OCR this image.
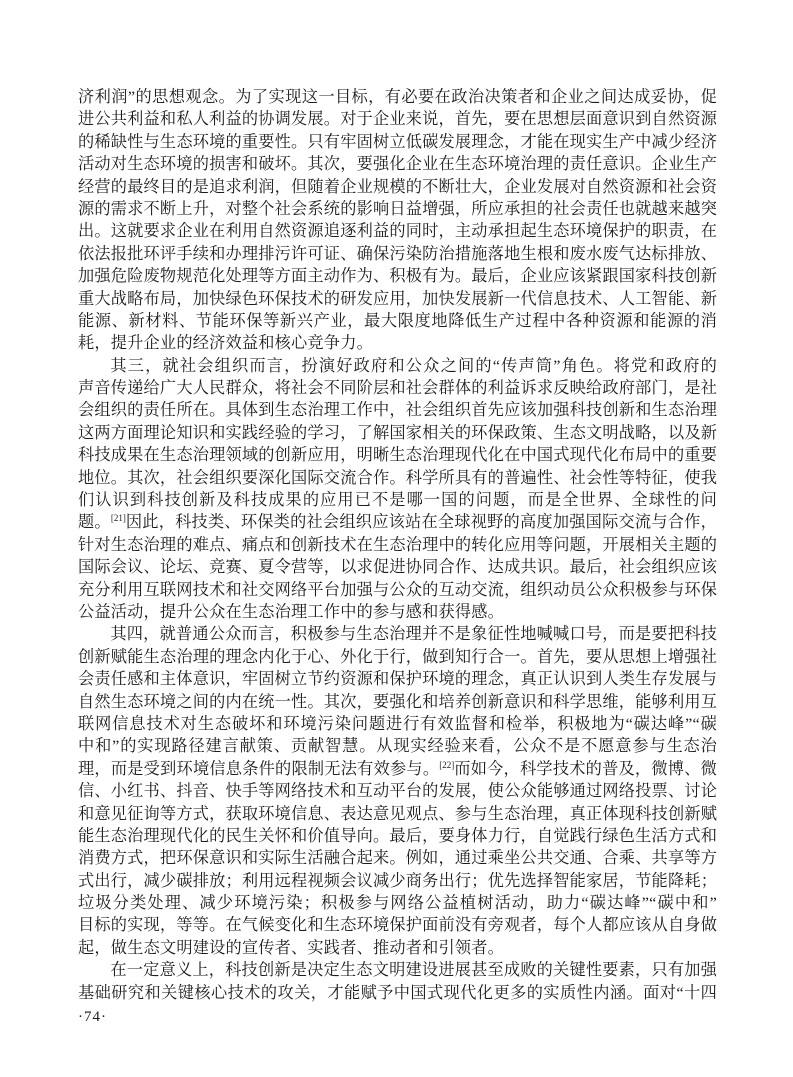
济利润”的思想观念。为了实现这一目标，有必要在政治决策者和企业之间达成妥协，促
进公共利益和私人利益的协调发展。对于企业来说，首先，要在思想层面意识到自然资源
的稀缺性与生态环境的重要性。只有牢固树立低碳发展理念，才能在现实生产中减少经济
活动对生态环境的损害和破坏。其次，要强化企业在生态环境治理的责任意识。企业生产
经营的最终目的是追求利润，但随着企业规模的不断壮大，企业发展对自然资源和社会资
源的需求不断上升，对整个社会系统的影响日益增强，所应承担的社会责任也就越来越突
出。这就要求企业在利用自然资源追逐利益的同时，主动承担起生态环境保护的职责，在
依法报批环评手续和办理排污许可证、确保污染防治措施落地生根和废水废气达标排放、
加强危险废物规范化处理等方面主动作为、积极有为。最后，企业应该紧跟国家科技创新
重大战略布局，加快绿色环保技术的研发应用，加快发展新一代信息技术、人工智能、新
能源、新材料、节能环保等新兴产业，最大限度地降低生产过程中各种资源和能源的消
耗，提升企业的经济效益和核心竞争力。
其三，就社会组织而言，扮演好政府和公众之间的“传声筒”角色。将党和政府的
声音传递给广大人民群众，将社会不同阶层和社会群体的利益诉求反映给政府部门，是社
会组织的责任所在。具体到生态治理工作中，社会组织首先应该加强科技创新和生态治理
这两方面理论知识和实践经验的学习，了解国家相关的环保政策、生态文明战略，以及新
科技成果在生态治理领域的创新应用，明晰生态治理现代化在中国式现代化布局中的重要
地位。其次，社会组织要深化国际交流合作。科学所具有的普遍性、社会性等特征，使我
们认识到科技创新及科技成果的应用已不是哪一国的问题，而是全世界、全球性的问
题。[21]因此，科技类、环保类的社会组织应该站在全球视野的高度加强国际交流与合作，
针对生态治理的难点、痛点和创新技术在生态治理中的转化应用等问题，开展相关主题的
国际会议、论坛、竞赛、夏令营等，以求促进协同合作、达成共识。最后，社会组织应该
充分利用互联网技术和社交网络平台加强与公众的互动交流，组织动员公众积极参与环保
公益活动，提升公众在生态治理工作中的参与感和获得感。
其四，就普通公众而言，积极参与生态治理并不是象征性地喊喊口号，而是要把科技
创新赋能生态治理的理念内化于心、外化于行，做到知行合一。首先，要从思想上增强社
会责任感和主体意识，牢固树立节约资源和保护环境的理念，真正认识到人类生存发展与
自然生态环境之间的内在统一性。其次，要强化和培养创新意识和科学思维，能够利用互
联网信息技术对生态破坏和环境污染问题进行有效监督和检举，积极地为“碳达峰”“碳
中和”的实现路径建言献策、贡献智慧。从现实经验来看，公众不是不愿意参与生态治
理，而是受到环境信息条件的限制无法有效参与。[22]而如今，科学技术的普及，微博、微
信、小红书、抖音、快手等网络技术和互动平台的发展，使公众能够通过网络投票、讨论
和意见征询等方式，获取环境信息、表达意见观点、参与生态治理，真正体现科技创新赋
能生态治理现代化的民生关怀和价值导向。最后，要身体力行，自觉践行绿色生活方式和
消费方式，把环保意识和实际生活融合起来。例如，通过乘坐公共交通、合乘、共享等方
式出行，减少碳排放；利用远程视频会议减少商务出行；优先选择智能家居，节能降耗；
垃圾分类处理、减少环境污染；积极参与网络公益植树活动，助力“碳达峰”“碳中和”
目标的实现，等等。在气候变化和生态环境保护面前没有旁观者，每个人都应该从自身做
起，做生态文明建设的宣传者、实践者、推动者和引领者。
在一定意义上，科技创新是决定生态文明建设进展甚至成败的关键性要素，只有加强
基础研究和关键核心技术的攻关，才能赋予中国式现代化更多的实质性内涵。面对“十四
·74·
